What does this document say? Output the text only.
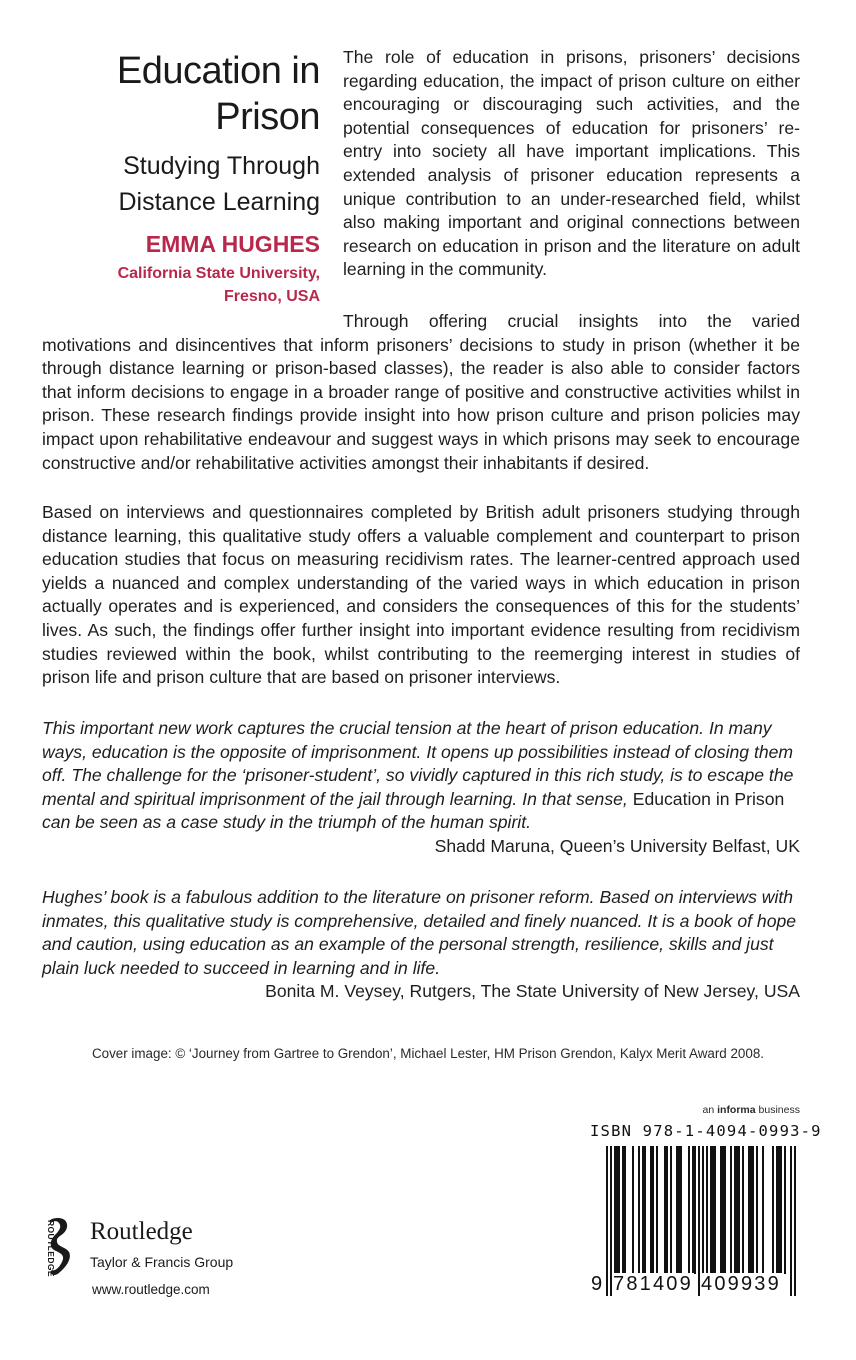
Education in
Prison
Studying Through
Distance Learning
EMMA HUGHES
California State University,
Fresno, USA

The role of education in prisons, prisoners’ decisions regarding education, the impact of prison culture on either encouraging or discouraging such activities, and the potential consequences of education for prisoners’ re-entry into society all have important implications. This extended analysis of prisoner education represents a unique contribution to an under-researched field, whilst also making important and original connections between research on education in prison and the literature on adult learning in the community.

Through offering crucial insights into the varied motivations and disincentives that inform prisoners’ decisions to study in prison (whether it be through distance learning or prison-based classes), the reader is also able to consider factors that inform decisions to engage in a broader range of positive and constructive activities whilst in prison. These research findings provide insight into how prison culture and prison policies may impact upon rehabilitative endeavour and suggest ways in which prisons may seek to encourage constructive and/or rehabilitative activities amongst their inhabitants if desired.

Based on interviews and questionnaires completed by British adult prisoners studying through distance learning, this qualitative study offers a valuable complement and counterpart to prison education studies that focus on measuring recidivism rates. The learner-centred approach used yields a nuanced and complex understanding of the varied ways in which education in prison actually operates and is experienced, and considers the consequences of this for the students’ lives. As such, the findings offer further insight into important evidence resulting from recidivism studies reviewed within the book, whilst contributing to the reemerging interest in studies of prison life and prison culture that are based on prisoner interviews.

This important new work captures the crucial tension at the heart of prison education. In many ways, education is the opposite of imprisonment. It opens up possibilities instead of closing them off. The challenge for the ‘prisoner-student’, so vividly captured in this rich study, is to escape the mental and spiritual imprisonment of the jail through learning. In that sense, Education in Prison can be seen as a case study in the triumph of the human spirit.

Shadd Maruna, Queen’s University Belfast, UK

Hughes’ book is a fabulous addition to the literature on prisoner reform. Based on interviews with inmates, this qualitative study is comprehensive, detailed and finely nuanced. It is a book of hope and caution, using education as an example of the personal strength, resilience, skills and just plain luck needed to succeed in learning and in life.

Bonita M. Veysey, Rutgers, The State University of New Jersey, USA

Cover image: © ‘Journey from Gartree to Grendon’, Michael Lester, HM Prison Grendon, Kalyx Merit Award 2008.
an informa business
ISBN 978-1-4094-0993-9
9 781409 409939
ROUTLEDGE Routledge
Taylor & Francis Group
www.routledge.com
